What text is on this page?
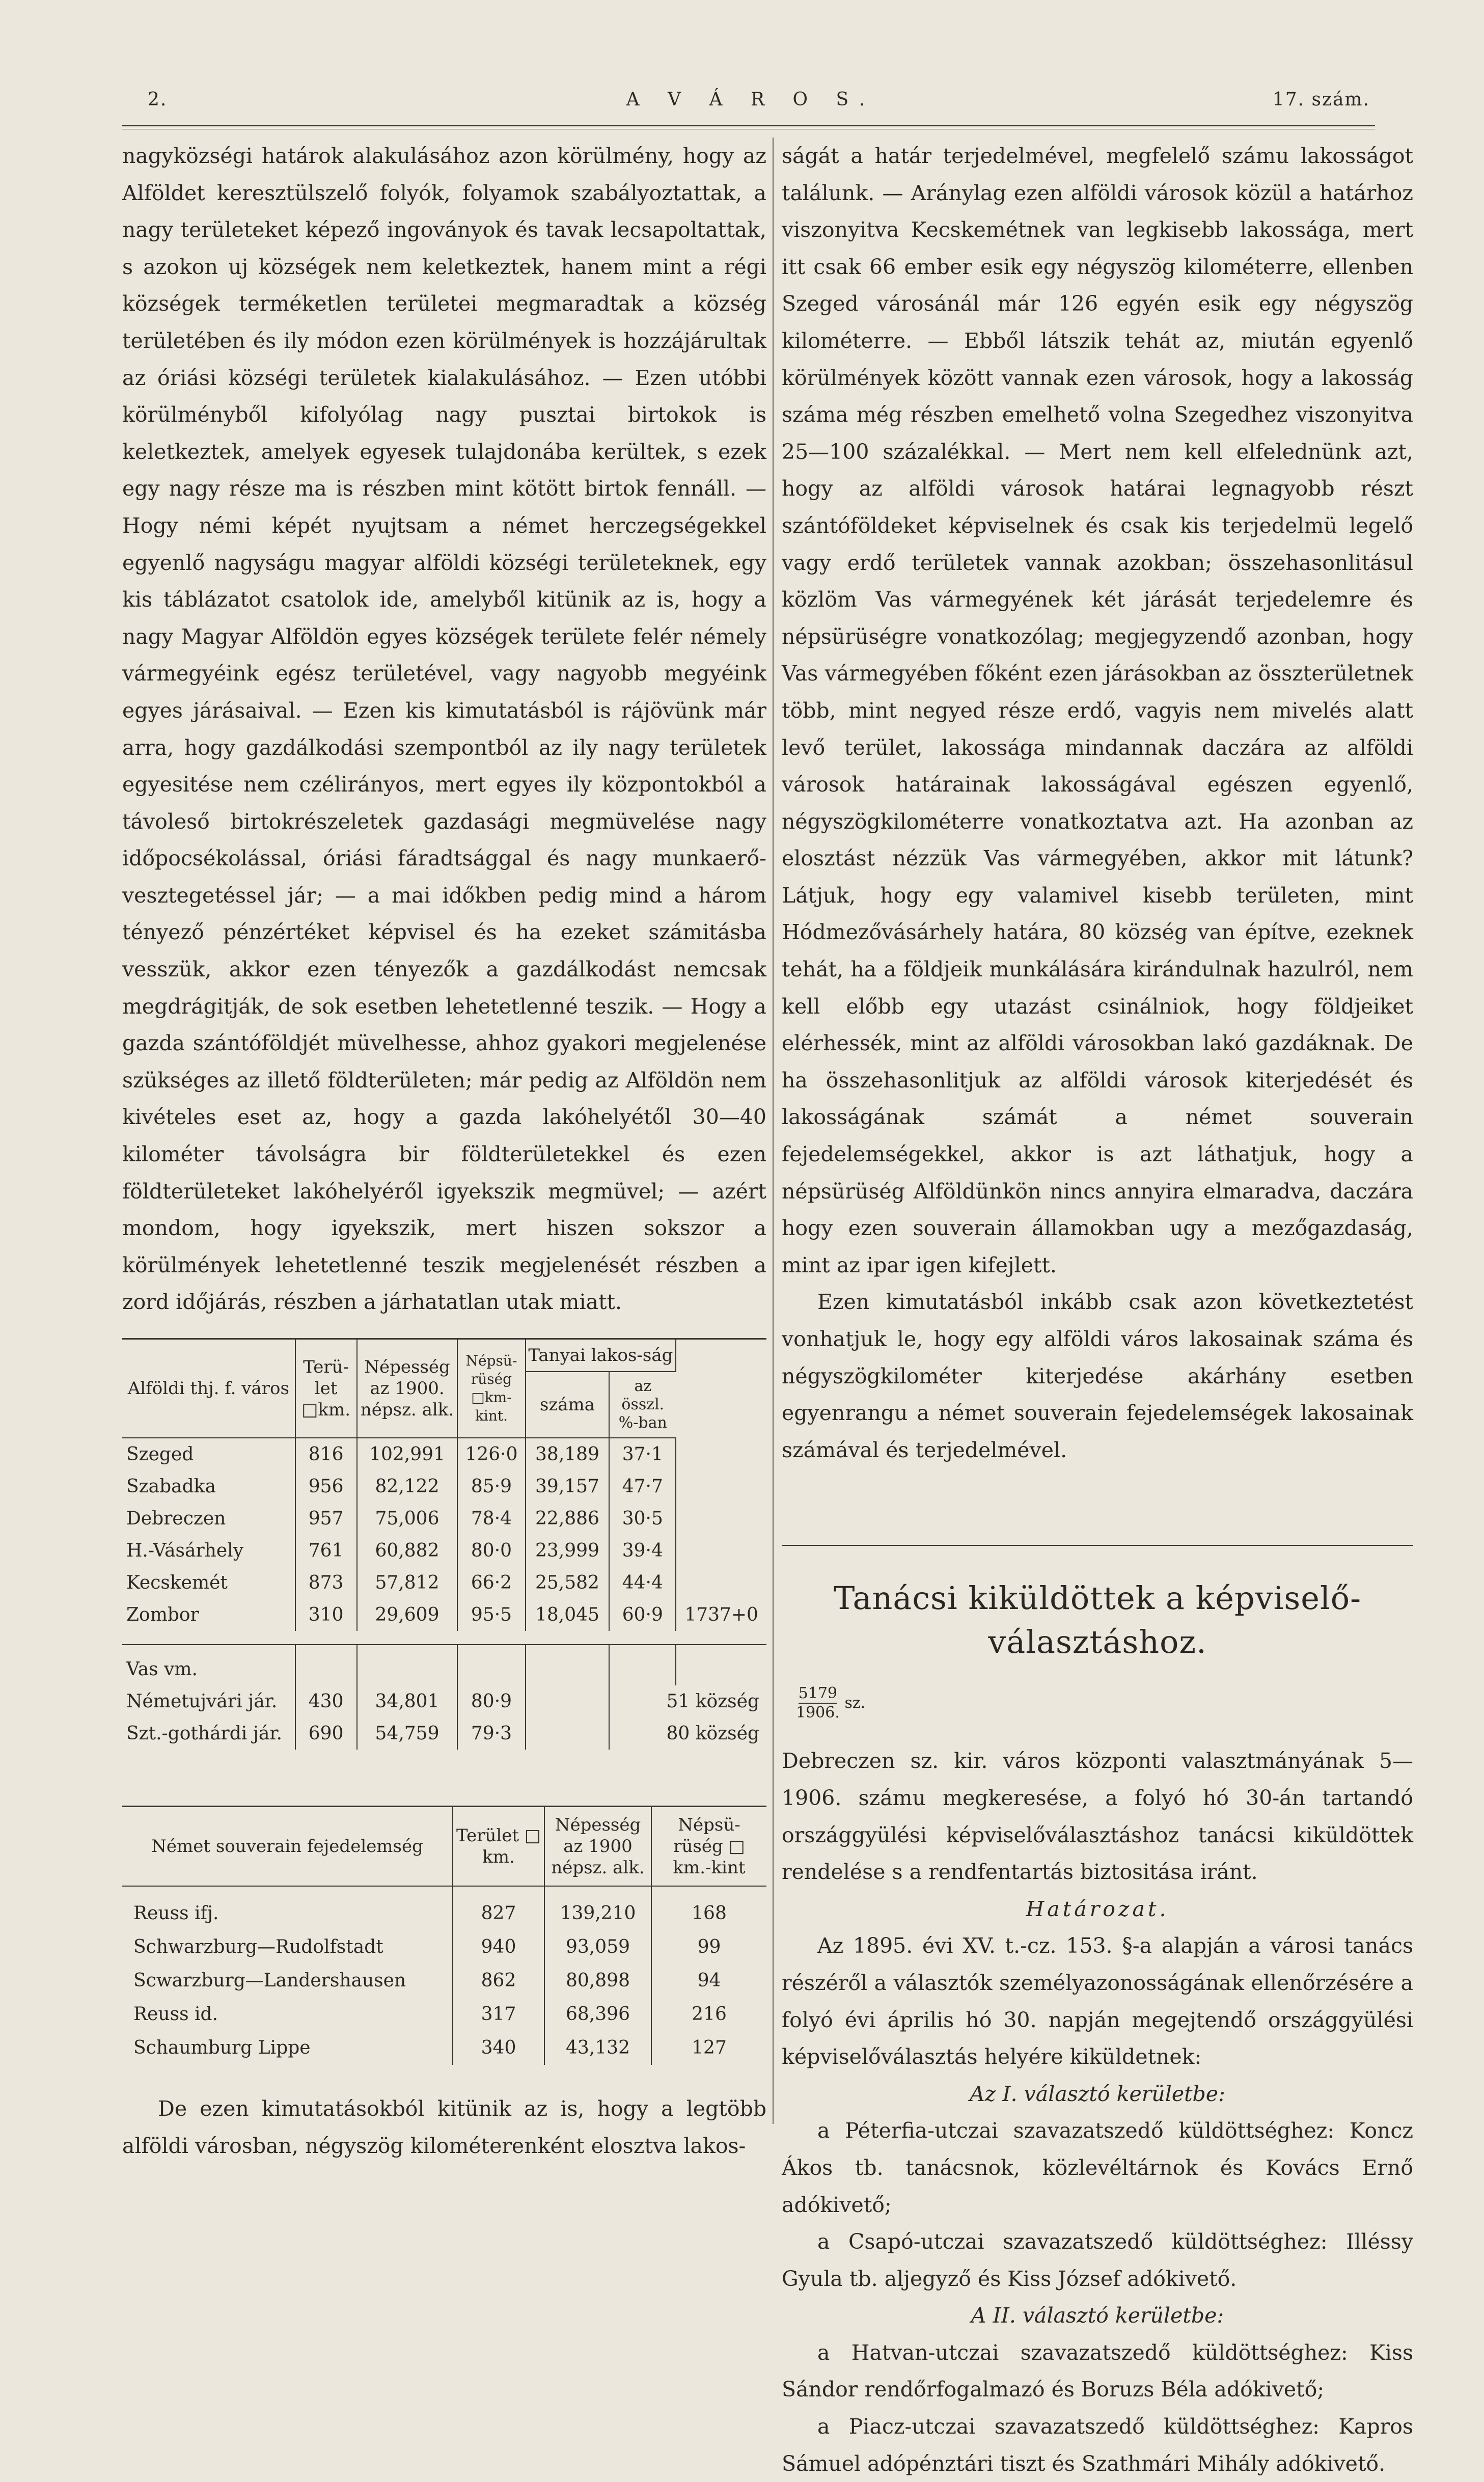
2.	A V Á R O S.	17. szám.

nagyközségi határok alakulásához azon körülmény, hogy az Alföldet keresztülszelő folyók, folyamok szabályoztattak, a nagy területeket képező ingoványok és tavak lecsapoltattak, s azokon uj községek nem keletkeztek, hanem mint a régi községek terméketlen területei megmaradtak a község területében és ily módon ezen körülmények is hozzájárultak az óriási községi területek kialakulásához. — Ezen utóbbi körülményből kifolyólag nagy pusztai birtokok is keletkeztek, amelyek egyesek tulajdonába kerültek, s ezek egy nagy része ma is részben mint kötött birtok fennáll. — Hogy némi képét nyujtsam a német herczegségekkel egyenlő nagyságu magyar alföldi községi területeknek, egy kis táblázatot csatolok ide, amelyből kitünik az is, hogy a nagy Magyar Alföldön egyes községek területe felér némely vármegyéink egész területével, vagy nagyobb megyéink egyes járásaival. — Ezen kis kimutatásból is rájövünk már arra, hogy gazdálkodási szempontból az ily nagy területek egyesitése nem czélirányos, mert egyes ily központokból a távoleső birtokrészeletek gazdasági megmüvelése nagy időpocsékolással, óriási fáradtsággal és nagy munkaerő-vesztegetéssel jár; — a mai időkben pedig mind a három tényező pénzértéket képvisel és ha ezeket számitásba vesszük, akkor ezen tényezők a gazdálkodást nemcsak megdrágitják, de sok esetben lehetetlenné teszik. — Hogy a gazda szántóföldjét müvelhesse, ahhoz gyakori megjelenése szükséges az illető földterületen; már pedig az Alföldön nem kivételes eset az, hogy a gazda lakóhelyétől 30—40 kilométer távolságra bir földterületekkel és ezen földterületeket lakóhelyéről igyekszik megmüvel; — azért mondom, hogy igyekszik, mert hiszen sokszor a körülmények lehetetlenné teszik megjelenését részben a zord időjárás, részben a járhatatlan utak miatt.

Alföldi thj. f. város	Terü-let □km.	Népesség az 1900. népsz. alk.	Népsü-rüség □km-kint.	Tanyai lakos-ság		
				száma	az összl. %-ban	
Szeged	816	102,991	126·0	38,189	37·1	
Szabadka	956	82,122	85·9	39,157	47·7	
Debreczen	957	75,006	78·4	22,886	30·5	
H.-Vásárhely	761	60,882	80·0	23,999	39·4	
Kecskemét	873	57,812	66·2	25,582	44·4	
Zombor	310	29,609	95·5	18,045	60·9	1737+0

Vas vm.						
Németujvári jár.	430	34,801	80·9		51 község	
Szt.-gothárdi jár.	690	54,759	79·3		80 község	

Német souverain fejedelemség	Terület □ km.	Népesség az 1900 népsz. alk.	Népsü-rüség □ km.-kint
Reuss ifj.	827	139,210	168
Schwarzburg—Rudolfstadt	940	93,059	99
Scwarzburg—Landershausen	862	80,898	94
Reuss id.	317	68,396	216
Schaumburg Lippe	340	43,132	127

De ezen kimutatásokból kitünik az is, hogy a legtöbb alföldi városban, négyszög kilométerenként elosztva lakos-

ságát a határ terjedelmével, megfelelő számu lakosságot találunk. — Aránylag ezen alföldi városok közül a határhoz viszonyitva Kecskemétnek van legkisebb lakossága, mert itt csak 66 ember esik egy négyszög kilométerre, ellenben Szeged városánál már 126 egyén esik egy négyszög kilométerre. — Ebből látszik tehát az, miután egyenlő körülmények között vannak ezen városok, hogy a lakosság száma még részben emelhető volna Szegedhez viszonyitva 25—100 százalékkal. — Mert nem kell elfelednünk azt, hogy az alföldi városok határai legnagyobb részt szántóföldeket képviselnek és csak kis terjedelmü legelő vagy erdő területek vannak azokban; összehasonlitásul közlöm Vas vármegyének két járását terjedelemre és népsürüségre vonatkozólag; megjegyzendő azonban, hogy Vas vármegyében főként ezen járásokban az összterületnek több, mint negyed része erdő, vagyis nem mivelés alatt levő terület, lakossága mindannak daczára az alföldi városok határainak lakosságával egészen egyenlő, négyszögkilométerre vonatkoztatva azt. Ha azonban az elosztást nézzük Vas vármegyében, akkor mit látunk? Látjuk, hogy egy valamivel kisebb területen, mint Hódmezővásárhely határa, 80 község van építve, ezeknek tehát, ha a földjeik munkálására kirándulnak hazulról, nem kell előbb egy utazást csinálniok, hogy földjeiket elérhessék, mint az alföldi városokban lakó gazdáknak. De ha összehasonlitjuk az alföldi városok kiterjedését és lakosságának számát a német souverain fejedelemségekkel, akkor is azt láthatjuk, hogy a népsürüség Alföldünkön nincs annyira elmaradva, daczára hogy ezen souverain államokban ugy a mezőgazdaság, mint az ipar igen kifejlett.

Ezen kimutatásból inkább csak azon következtetést vonhatjuk le, hogy egy alföldi város lakosainak száma és négyszögkilométer kiterjedése akárhány esetben egyenrangu a német souverain fejedelemségek lakosainak számával és terjedelmével.

Tanácsi kiküldöttek a képviselő-választáshoz.
$\frac{5179}{1906.}$ sz.

Debreczen sz. kir. város központi valasztmányának 5—1906. számu megkeresése, a folyó hó 30-án tartandó országgyülési képviselőválasztáshoz tanácsi kiküldöttek rendelése s a rendfentartás biztositása iránt.

Határozat.

Az 1895. évi XV. t.-cz. 153. §-a alapján a városi tanács részéről a választók személyazonosságának ellenőrzésére a folyó évi április hó 30. napján megejtendő országgyülési képviselőválasztás helyére kiküldetnek:

Az I. választó kerületbe:

a Péterfia-utczai szavazatszedő küldöttséghez: Koncz Ákos tb. tanácsnok, közlevéltárnok és Kovács Ernő adókivető;

a Csapó-utczai szavazatszedő küldöttséghez: Illéssy Gyula tb. aljegyző és Kiss József adókivető.

A II. választó kerületbe:

a Hatvan-utczai szavazatszedő küldöttséghez: Kiss Sándor rendőrfogalmazó és Boruzs Béla adókivető;

a Piacz-utczai szavazatszedő küldöttséghez: Kapros Sámuel adópénztári tiszt és Szathmári Mihály adókivető.
